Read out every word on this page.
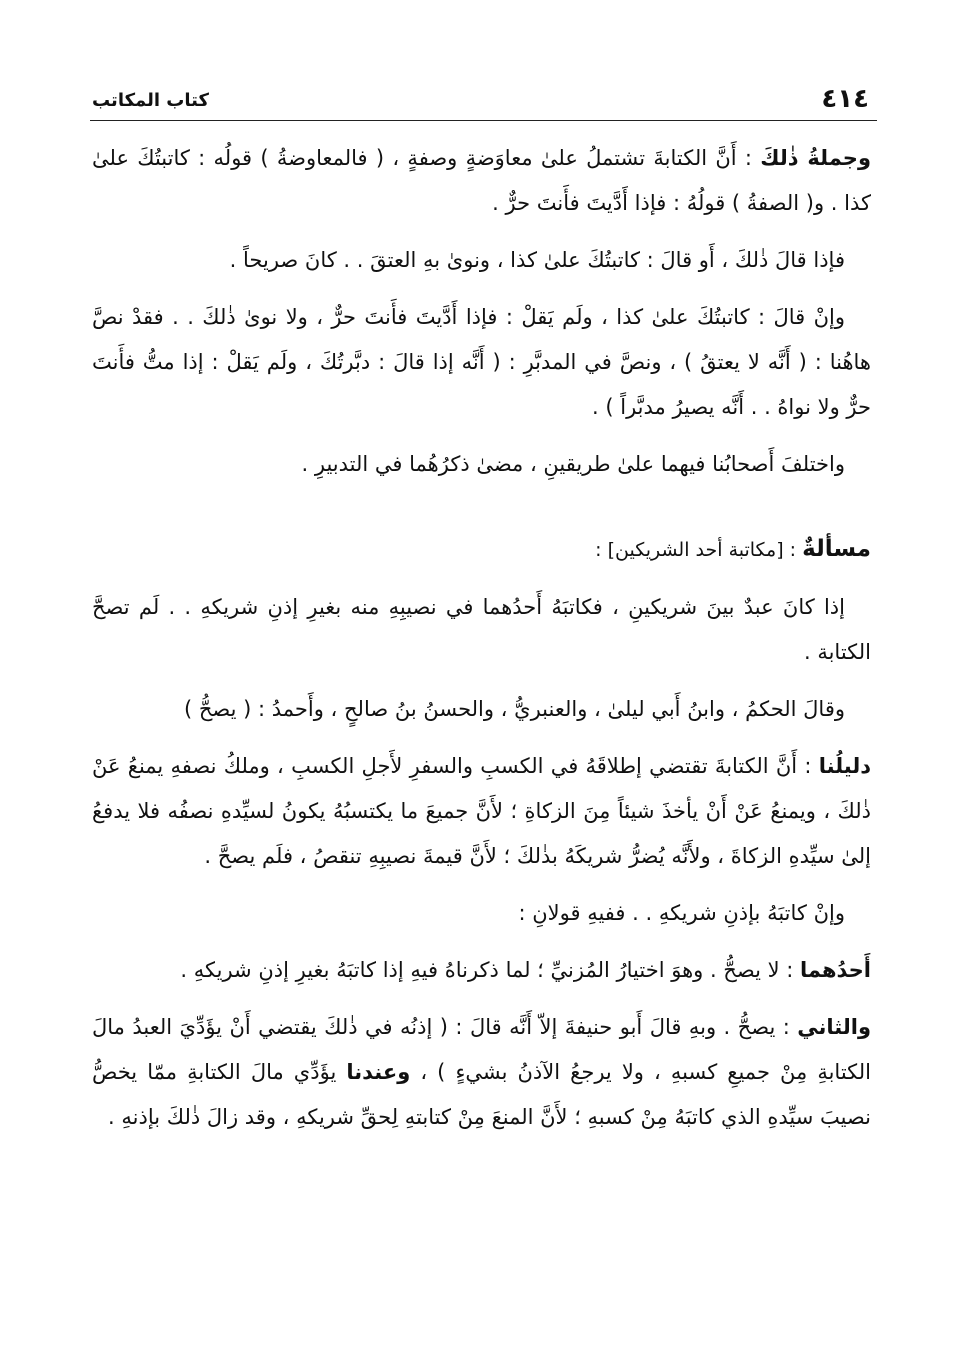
٤١٤
كتاب المكاتب

وجملةُ ذٰلكَ : أَنَّ الكتابةَ تشتملُ علىٰ معاوَضةٍ وصفةٍ ، ( فالمعاوضةُ ) قولُه : كاتبتُكَ علىٰ كذا . و( الصفةُ ) قولُهُ : فإذا أَدَّيتَ فأَنتَ حرٌّ .

فإذا قالَ ذٰلكَ ، أَو قالَ : كاتبتُكَ علىٰ كذا ، ونوىٰ بهِ العتقَ . . كانَ صريحاً .

وإنْ قالَ : كاتبتُكَ علىٰ كذا ، ولَم يَقلْ : فإذا أَدَّيتَ فأَنتَ حرٌّ ، ولا نوىٰ ذٰلكَ . . فقدْ نصَّ هاهُنا : ( أَنَّه لا يعتقُ ) ، ونصَّ في المدبَّرِ : ( أَنَّه إذا قالَ : دبَّرتُكَ ، ولَم يَقلْ : إذا متُّ فأَنتَ حرٌّ ولا نواهُ . . أَنَّه يصيرُ مدبَّراً ) .

واختلفَ أَصحابُنا فيهما علىٰ طريقينِ ، مضىٰ ذكرُهُما في التدبيرِ .

مسألةٌ : [مكاتبة أحد الشريكين] :

إذا كانَ عبدٌ بينَ شريكينِ ، فكاتبَهُ أَحدُهما في نصيبِهِ منه بغيرِ إذنِ شريكهِ . . لَم تصحَّ الكتابة .

وقالَ الحكمُ ، وابنُ أَبي ليلىٰ ، والعنبريُّ ، والحسنُ بنُ صالحٍ ، وأَحمدُ : ( يصحُّ )

دليلُنا : أَنَّ الكتابةَ تقتضي إطلاقَهُ في الكسبِ والسفرِ لأَجلِ الكسبِ ، وملكُ نصفهِ يمنعُ عَنْ ذٰلكَ ، ويمنعُ عَنْ أَنْ يأخذَ شيئاً مِنَ الزكاةِ ؛ لأَنَّ جميعَ ما يكتسبُهُ يكونُ لسيِّدهِ نصفُه فلا يدفعُ إلىٰ سيِّدهِ الزكاةَ ، ولأَنَّه يُضرُّ شريكَهُ بذٰلكَ ؛ لأَنَّ قيمةَ نصيبِهِ تنقصُ ، فلَم يصحَّ .

وإنْ كاتبَهُ بإذنِ شريكهِ . . ففيهِ قولانِ :

أَحدُهما : لا يصحُّ . وهوَ اختيارُ المُزنيِّ ؛ لما ذكرناهُ فيهِ إذا كاتبَهُ بغيرِ إذنِ شريكهِ .

والثاني : يصحُّ . وبهِ قالَ أَبو حنيفةَ إلاّ أَنَّه قالَ : ( إذنُه في ذٰلكَ يقتضي أَنْ يؤَدِّيَ العبدُ مالَ الكتابةِ مِنْ جميعِ كسبهِ ، ولا يرجعُ الآذنُ بشيءٍ ) ، وعندنا يؤَدِّي مالَ الكتابةِ ممّا يخصُّ نصيبَ سيِّدهِ الذي كاتبَهُ مِنْ كسبهِ ؛ لأَنَّ المنعَ مِنْ كتابتهِ لِحقِّ شريكهِ ، وقد زالَ ذٰلكَ بإذنهِ .
